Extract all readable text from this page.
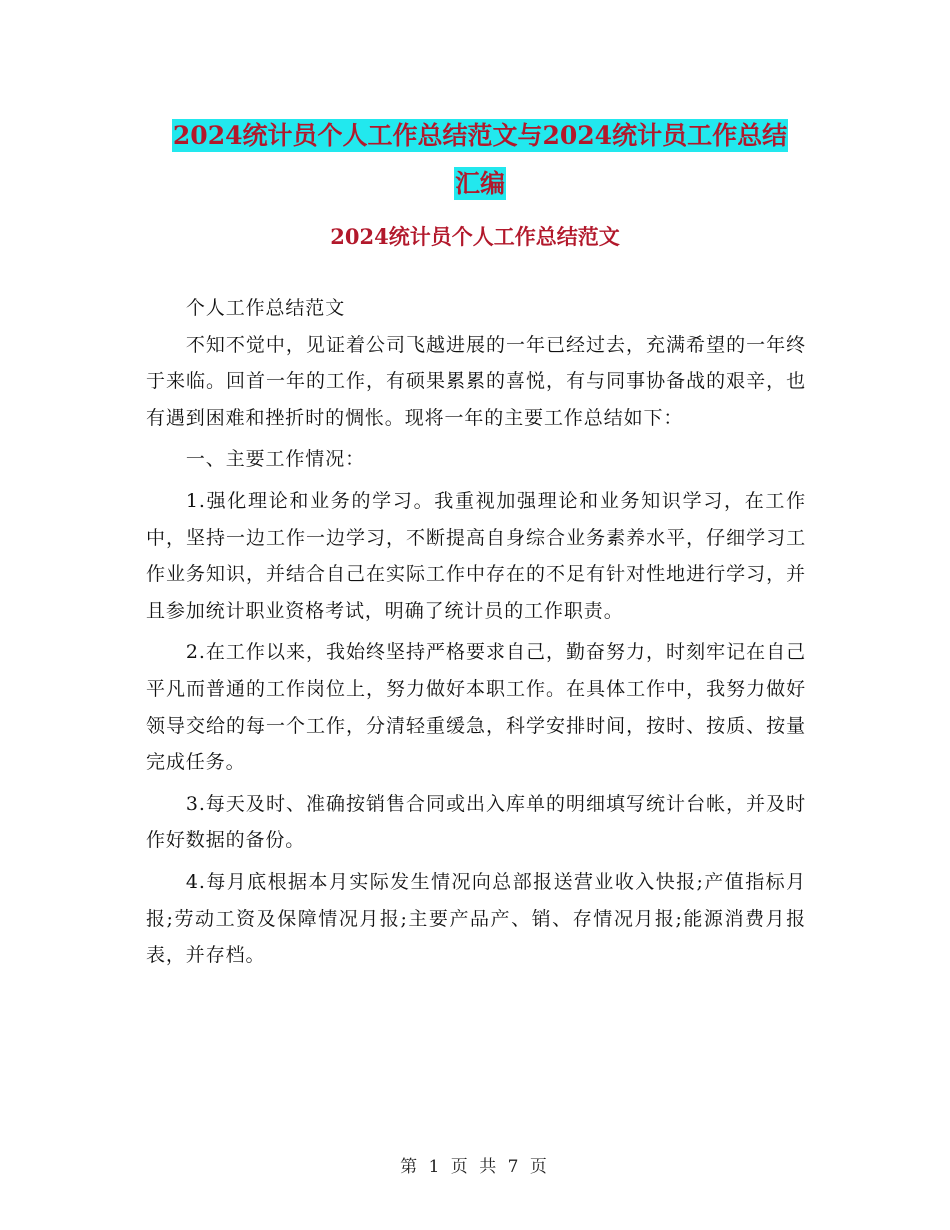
2024统计员个人工作总结范文与2024统计员工作总结
汇编
2024统计员个人工作总结范文

个人工作总结范文

不知不觉中，见证着公司飞越进展的一年已经过去，充满希望的一年终于来临。回首一年的工作，有硕果累累的喜悦，有与同事协备战的艰辛，也有遇到困难和挫折时的惆怅。现将一年的主要工作总结如下：

一、主要工作情况：

1.强化理论和业务的学习。我重视加强理论和业务知识学习，在工作中，坚持一边工作一边学习，不断提高自身综合业务素养水平，仔细学习工作业务知识，并结合自己在实际工作中存在的不足有针对性地进行学习，并且参加统计职业资格考试，明确了统计员的工作职责。

2.在工作以来，我始终坚持严格要求自己，勤奋努力，时刻牢记在自己平凡而普通的工作岗位上，努力做好本职工作。在具体工作中，我努力做好领导交给的每一个工作，分清轻重缓急，科学安排时间，按时、按质、按量完成任务。

3.每天及时、准确按销售合同或出入库单的明细填写统计台帐，并及时作好数据的备份。

4.每月底根据本月实际发生情况向总部报送营业收入快报;产值指标月报;劳动工资及保障情况月报;主要产品产、销、存情况月报;能源消费月报表，并存档。

第 1 页 共 7 页
